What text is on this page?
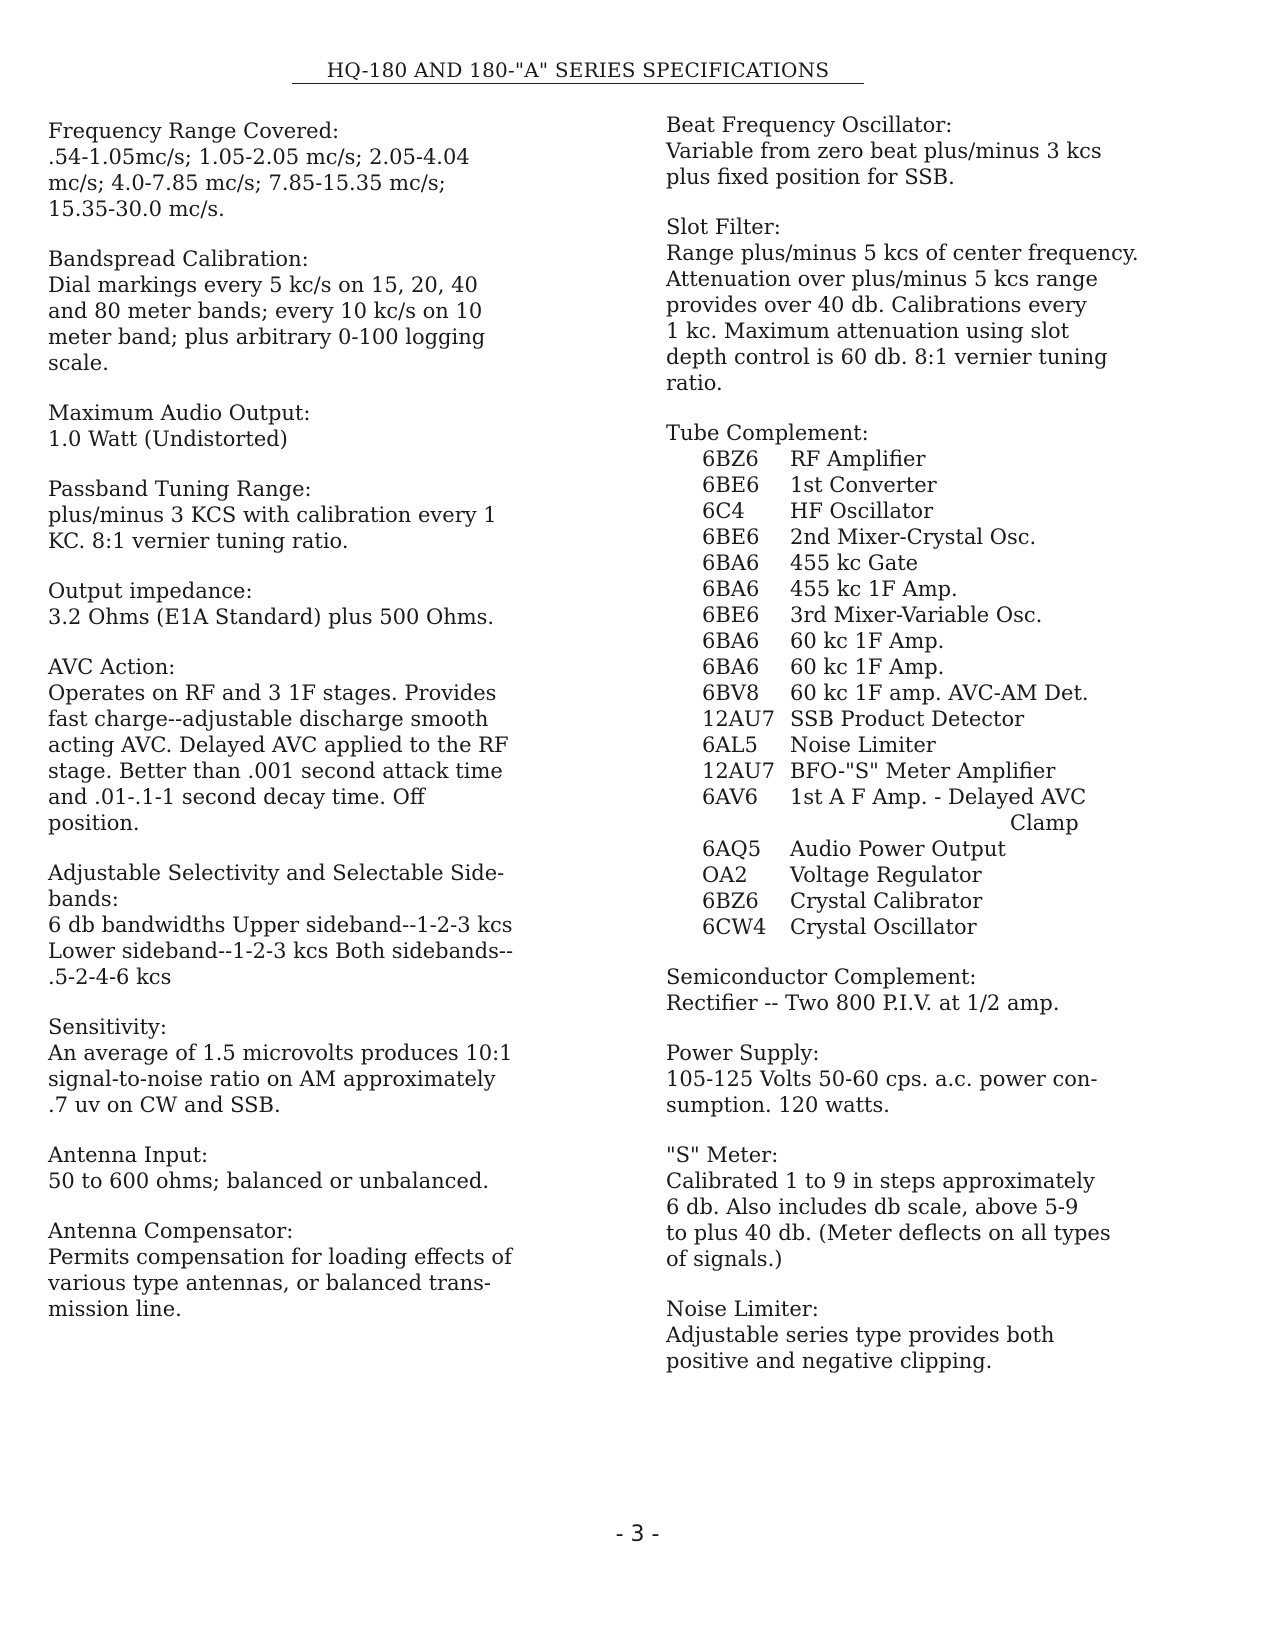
HQ-180 AND 180-"A" SERIES SPECIFICATIONS
Frequency Range Covered:
.54-1.05mc/s; 1.05-2.05 mc/s; 2.05-4.04
mc/s; 4.0-7.85 mc/s; 7.85-15.35 mc/s;
15.35-30.0 mc/s.
Bandspread Calibration:
Dial markings every 5 kc/s on 15, 20, 40
and 80 meter bands; every 10 kc/s on 10
meter band; plus arbitrary 0-100 logging
scale.
Maximum Audio Output:
1.0 Watt (Undistorted)
Passband Tuning Range:
plus/minus 3 KCS with calibration every 1
KC. 8:1 vernier tuning ratio.
Output impedance:
3.2 Ohms (E1A Standard) plus 500 Ohms.
AVC Action:
Operates on RF and 3 1F stages. Provides
fast charge--adjustable discharge smooth
acting AVC. Delayed AVC applied to the RF
stage. Better than .001 second attack time
and .01-.1-1 second decay time. Off
position.
Adjustable Selectivity and Selectable Side-
bands:
6 db bandwidths Upper sideband--1-2-3 kcs
Lower sideband--1-2-3 kcs Both sidebands--
.5-2-4-6 kcs
Sensitivity:
An average of 1.5 microvolts produces 10:1
signal-to-noise ratio on AM approximately
.7 uv on CW and SSB.
Antenna Input:
50 to 600 ohms; balanced or unbalanced.
Antenna Compensator:
Permits compensation for loading effects of
various type antennas, or balanced trans-
mission line.
Beat Frequency Oscillator:
Variable from zero beat plus/minus 3 kcs
plus fixed position for SSB.
Slot Filter:
Range plus/minus 5 kcs of center frequency.
Attenuation over plus/minus 5 kcs range
provides over 40 db. Calibrations every
1 kc. Maximum attenuation using slot
depth control is 60 db. 8:1 vernier tuning
ratio.
Tube Complement:
6BZ6	RF Amplifier
6BE6	1st Converter
6C4	HF Oscillator
6BE6	2nd Mixer-Crystal Osc.
6BA6	455 kc Gate
6BA6	455 kc 1F Amp.
6BE6	3rd Mixer-Variable Osc.
6BA6	60 kc 1F Amp.
6BA6	60 kc 1F Amp.
6BV8	60 kc 1F amp. AVC-AM Det.
12AU7 SSB Product Detector
6AL5	Noise Limiter
12AU7 BFO-"S" Meter Amplifier
6AV6	1st A F Amp. - Delayed AVC
Clamp
6AQ5	Audio Power Output
OA2	Voltage Regulator
6BZ6	Crystal Calibrator
6CW4	Crystal Oscillator
Semiconductor Complement:
Rectifier -- Two 800 P.I.V. at 1/2 amp.
Power Supply:
105-125 Volts 50-60 cps. a.c. power con-
sumption. 120 watts.
"S" Meter:
Calibrated 1 to 9 in steps approximately
6 db. Also includes db scale, above 5-9
to plus 40 db. (Meter deflects on all types
of signals.)
Noise Limiter:
Adjustable series type provides both
positive and negative clipping.
- 3 -
